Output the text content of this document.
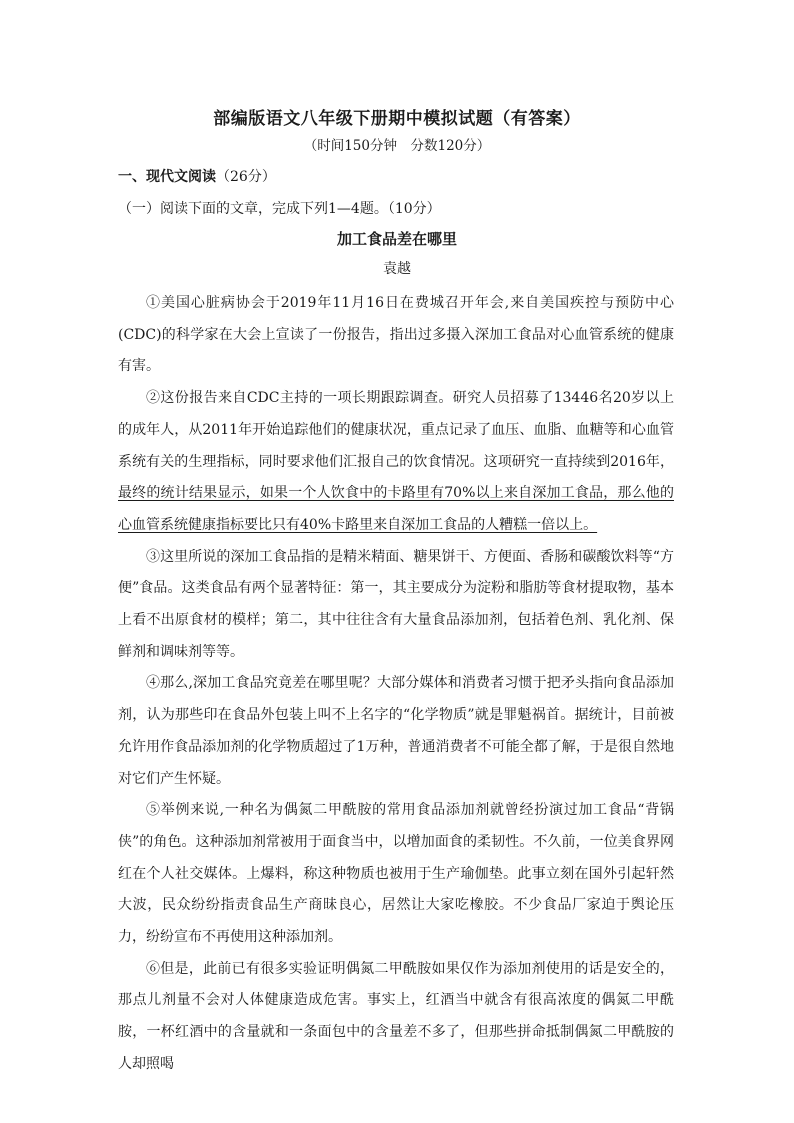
部编版语文八年级下册期中模拟试题（有答案）
（时间150分钟　分数120分）
一、现代文阅读（26分）
（一）阅读下面的文章，完成下列1—4题。（10分）
加工食品差在哪里
袁越

①美国心脏病协会于2019年11月16日在费城召开年会,来自美国疾控与预防中心(CDC)的科学家在大会上宣读了一份报告，指出过多摄入深加工食品对心血管系统的健康有害。

②这份报告来自CDC主持的一项长期跟踪调查。研究人员招募了13446名20岁以上的成年人，从2011年开始追踪他们的健康状况，重点记录了血压、血脂、血糖等和心血管系统有关的生理指标，同时要求他们汇报自己的饮食情况。这项研究一直持续到2016年，最终的统计结果显示，如果一个人饮食中的卡路里有70%以上来自深加工食品，那么他的心血管系统健康指标要比只有40%卡路里来自深加工食品的人糟糕一倍以上。

③这里所说的深加工食品指的是精米精面、糖果饼干、方便面、香肠和碳酸饮料等“方便”食品。这类食品有两个显著特征：第一，其主要成分为淀粉和脂肪等食材提取物，基本上看不出原食材的模样；第二，其中往往含有大量食品添加剂，包括着色剂、乳化剂、保鲜剂和调味剂等等。

④那么,深加工食品究竟差在哪里呢？大部分媒体和消费者习惯于把矛头指向食品添加剂，认为那些印在食品外包装上叫不上名字的“化学物质”就是罪魁祸首。据统计，目前被允许用作食品添加剂的化学物质超过了1万种，普通消费者不可能全都了解，于是很自然地对它们产生怀疑。

⑤举例来说,一种名为偶氮二甲酰胺的常用食品添加剂就曾经扮演过加工食品“背锅侠”的角色。这种添加剂常被用于面食当中，以增加面食的柔韧性。不久前，一位美食界网红在个人社交媒体。上爆料，称这种物质也被用于生产瑜伽垫。此事立刻在国外引起轩然大波，民众纷纷指责食品生产商昧良心，居然让大家吃橡胶。不少食品厂家迫于舆论压力，纷纷宣布不再使用这种添加剂。

⑥但是，此前已有很多实验证明偶氮二甲酰胺如果仅作为添加剂使用的话是安全的，那点儿剂量不会对人体健康造成危害。事实上，红酒当中就含有很高浓度的偶氮二甲酰胺，一杯红酒中的含量就和一条面包中的含量差不多了，但那些拼命抵制偶氮二甲酰胺的人却照喝
